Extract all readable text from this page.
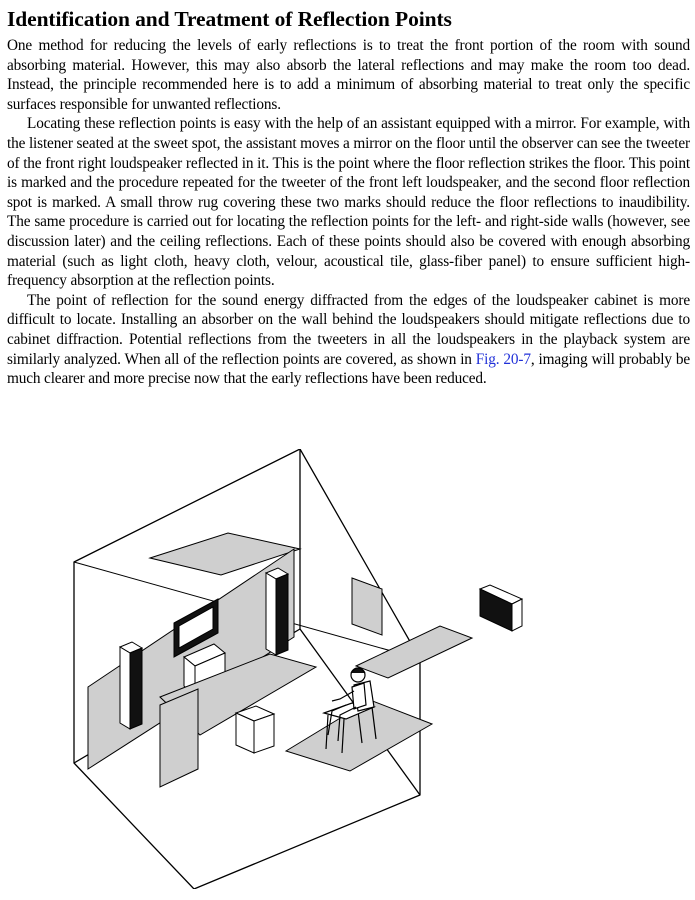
Identification and Treatment of Reflection Points

One method for reducing the levels of early reflections is to treat the front portion of the room with sound absorbing material. However, this may also absorb the lateral reflections and may make the room too dead. Instead, the principle recommended here is to add a minimum of absorbing material to treat only the specific surfaces responsible for unwanted reflections.

Locating these reflection points is easy with the help of an assistant equipped with a mirror. For example, with the listener seated at the sweet spot, the assistant moves a mirror on the floor until the observer can see the tweeter of the front right loudspeaker reflected in it. This is the point where the floor reflection strikes the floor. This point is marked and the procedure repeated for the tweeter of the front left loudspeaker, and the second floor reflection spot is marked. A small throw rug covering these two marks should reduce the floor reflections to inaudibility. The same procedure is carried out for locating the reflection points for the left- and right-side walls (however, see discussion later) and the ceiling reflections. Each of these points should also be covered with enough absorbing material (such as light cloth, heavy cloth, velour, acoustical tile, glass-fiber panel) to ensure sufficient high-frequency absorption at the reflection points.

The point of reflection for the sound energy diffracted from the edges of the loudspeaker cabinet is more difficult to locate. Installing an absorber on the wall behind the loudspeakers should mitigate reflections due to cabinet diffraction. Potential reflections from the tweeters in all the loudspeakers in the playback system are similarly analyzed. When all of the reflection points are covered, as shown in Fig. 20-7, imaging will probably be much clearer and more precise now that the early reflections have been reduced.
